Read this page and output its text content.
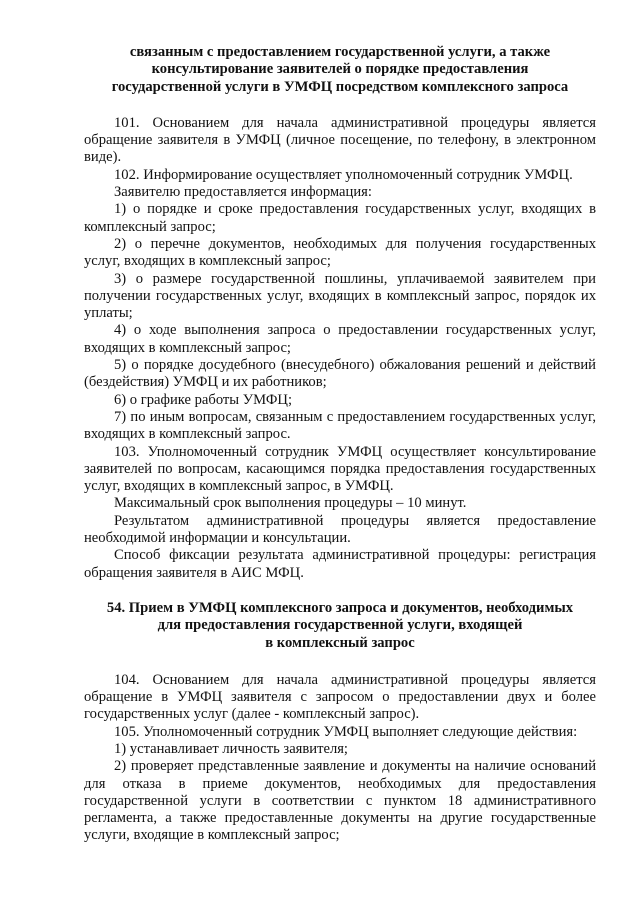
связанным с предоставлением государственной услуги, а также
консультирование заявителей о порядке предоставления
государственной услуги в УМФЦ посредством комплексного запроса

101. Основанием для начала административной процедуры является обращение заявителя в УМФЦ (личное посещение, по телефону, в электронном виде).

102. Информирование осуществляет уполномоченный сотрудник УМФЦ.

Заявителю предоставляется информация:

1) о порядке и сроке предоставления государственных услуг, входящих в комплексный запрос;

2) о перечне документов, необходимых для получения государственных услуг, входящих в комплексный запрос;

3) о размере государственной пошлины, уплачиваемой заявителем при получении государственных услуг, входящих в комплексный запрос, порядок их уплаты;

4) о ходе выполнения запроса о предоставлении государственных услуг, входящих в комплексный запрос;

5) о порядке досудебного (внесудебного) обжалования решений и действий (бездействия) УМФЦ и их работников;

6) о графике работы УМФЦ;

7) по иным вопросам, связанным с предоставлением государственных услуг, входящих в комплексный запрос.

103. Уполномоченный сотрудник УМФЦ осуществляет консультирование заявителей по вопросам, касающимся порядка предоставления государственных услуг, входящих в комплексный запрос, в УМФЦ.

Максимальный срок выполнения процедуры – 10 минут.

Результатом административной процедуры является предоставление необходимой информации и консультации.

Способ фиксации результата административной процедуры: регистрация обращения заявителя в АИС МФЦ.

54. Прием в УМФЦ комплексного запроса и документов, необходимых
для предоставления государственной услуги, входящей
в комплексный запрос

104. Основанием для начала административной процедуры является обращение в УМФЦ заявителя с запросом о предоставлении двух и более государственных услуг (далее - комплексный запрос).

105. Уполномоченный сотрудник УМФЦ выполняет следующие действия:

1) устанавливает личность заявителя;

2) проверяет представленные заявление и документы на наличие оснований для отказа в приеме документов, необходимых для предоставления государственной услуги в соответствии с пунктом 18 административного регламента, а также предоставленные документы на другие государственные услуги, входящие в комплексный запрос;
